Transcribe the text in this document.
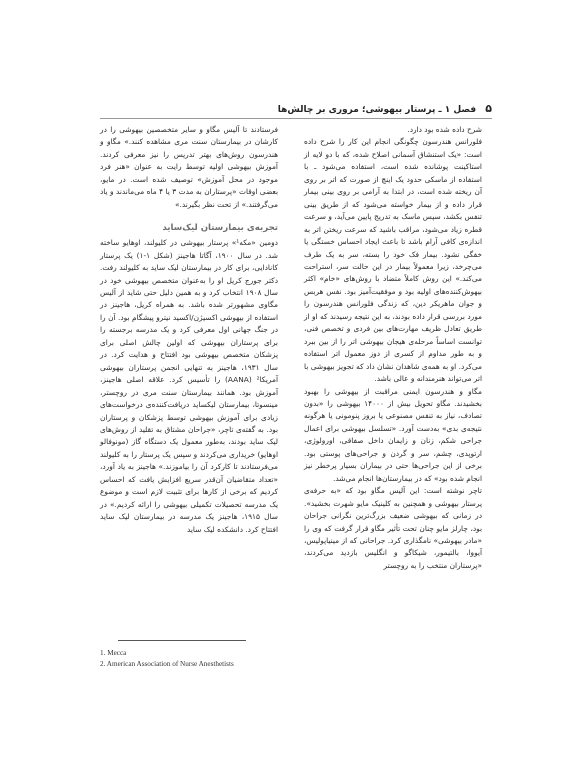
۵ فصل ۱ ـ پرستار بیهوشی؛ مروری بر چالش‌ها

شرح داده شده بود دارد.

فلورانس هندرسون چگونگی انجام این کار را شرح داده است: «یک استنشاق آسمانی اصلاح شده، که با دو لایه از استاکینت پوشانده شده است، استفاده می‌شود ـ با استفاده از ماسکی حدود یک اینچ از صورت که اتر بر روی آن ریخته شده است، در ابتدا به آرامی بر روی بینی بیمار قرار داده و از بیمار خواسته می‌شود که از طریق بینی تنفس بکشد، سپس ماسک به تدریج پایین می‌آید، و سرعت قطره زیاد می‌شود، مراقب باشید که سرعت ریختن اتر به اندازه‌ی کافی آرام باشد تا باعث ایجاد احساس خستگی یا خفگی نشود. بیمار فک خود را بسته، سر به یک طرف می‌چرخد، زیرا معمولاً بیمار در این حالت سر، استراحت می‌کند.» این روش کاملاً متضاد با روش‌های «خام» اکثر بیهوش‌کننده‌های اولیه بود و موفقیت‌آمیز بود. نفس هربس و جوان ماهریکر دین، که زندگی فلورانس هندرسون را مورد بررسی قرار داده بودند، به این نتیجه رسیدند که او از طریق تعادل ظریف مهارت‌های بین فردی و تخصص فنی، توانست اساساً مرحله‌ی هیجان بیهوشی اتر را از بین ببرد و به طور مداوم از کسری از دوز معمول اتر استفاده می‌کرد. او به همه‌ی شاهدان نشان داد که تجویز بیهوشی با اتر می‌تواند هنرمندانه و عالی باشد.

مگاو و هندرسون ایمنی مراقبت از بیهوشی را بهبود بخشیدند. مگاو تحویل بیش از ۱۴۰۰۰ بیهوشی را «بدون تصادف، نیاز به تنفس مصنوعی یا بروز پنومونی یا هرگونه نتیجه‌ی بدی» به‌دست آورد. «تسلسل بیهوشی برای اعمال جراحی شکم، زنان و زایمان داخل صفاقی، اورولوژی، ارتوپدی، چشم، سر و گردن و جراحی‌های پوستی بود. برخی از این جراحی‌ها حتی در بیماران بسیار پرخطر نیز انجام شده بود» که در بیمارستان‌ها انجام می‌شد.

تاچر نوشته است: این آلیس مگاو بود که «به حرفه‌ی پرستار بیهوشی و همچنین به کلینیک مایو شهرت بخشید». در زمانی که بیهوشی ضعیف بزرگ‌ترین نگرانی جراحان بود، چارلز مایو چنان تحت تأثیر مگاو قرار گرفت که وی را «مادر بیهوشی» نامگذاری کرد. جراحانی که از مینیاپولیس، آیووا، بالتیمور، شیکاگو و انگلیس بازدید می‌کردند، «پرستاران منتخب را به روچستر

فرستادند تا آلیس مگاو و سایر متخصصین بیهوشی را در کارشان در بیمارستان سنت مری مشاهده کنند.» مگاو و هندرسون روش‌های بهتر تدریس را نیز معرفی کردند. آموزش بیهوشی اولیه توسط رایت به عنوان «هنر فرد موجود در محل آموزش» توصیف شده است. در مایو، بعضی اوقات «پرستاران به مدت ۳ یا ۴ ماه می‌ماندند و یاد می‌گرفتند.» از تحت نظر بگیرند.»

تجربه‌ی بیمارستان لیک‌ساید

دومین «مکه¹» پرستار بیهوشی در کلیولند، اوهایو ساخته شد. در سال ۱۹۰۰، آگاتا هاجینز (شکل ۱-۱) یک پرستار کانادایی، برای کار در بیمارستان لیک ساید به کلیولند رفت. دکتر جورج کریل او را به‌عنوان متخصص بیهوشی خود در سال ۱۹۰۸ انتخاب کرد و به همین دلیل حتی شاید از آلیس مگاوی مشهورتر شده باشد. به همراه کریل، هاجینز در استفاده از بیهوشی اکسیژن/اکسید نیترو پیشگام بود. آن را در جنگ جهانی اول معرفی کرد و یک مدرسه برجسته را برای پرستاران بیهوشی که اولین چالش اصلی برای پزشکان متخصص بیهوشی بود افتتاح و هدایت کرد. در سال ۱۹۳۱، هاجینز به تنهایی انجمن پرستاران بیهوشی آمریکا² (AANA) را تأسیس کرد. علاقه اصلی هاجینز، آموزش بود. همانند بیمارستان سنت مری در روچستر، مینسوتا، بیمارستان لیکساید دریافت‌کننده‌ی درخواست‌های زیادی برای آموزش بیهوشی توسط پزشکان و پرستاران بود. به گفته‌ی تاچر، «جراحان مشتاق به تقلید از روش‌های لیک ساید بودند، به‌طور معمول یک دستگاه گاز (مونوفالو اوهایو) خریداری می‌کردند و سپس یک پرستار را به کلیولند می‌فرستادند تا کارکرد آن را بیاموزند.» هاجینز به یاد آورد، «تعداد متقاضیان آن‌قدر سریع افزایش یافت که احساس کردیم که برخی از کارها برای تثبیت لازم است و موضوع یک مدرسه تحصیلات تکمیلی بیهوشی را ارائه کردیم.» در سال ۱۹۱۵، هاجینز یک مدرسه در بیمارستان لیک ساید افتتاح کرد. دانشکده لیک ساید

1. Mecca
2. American Association of Nurse Anesthetists
